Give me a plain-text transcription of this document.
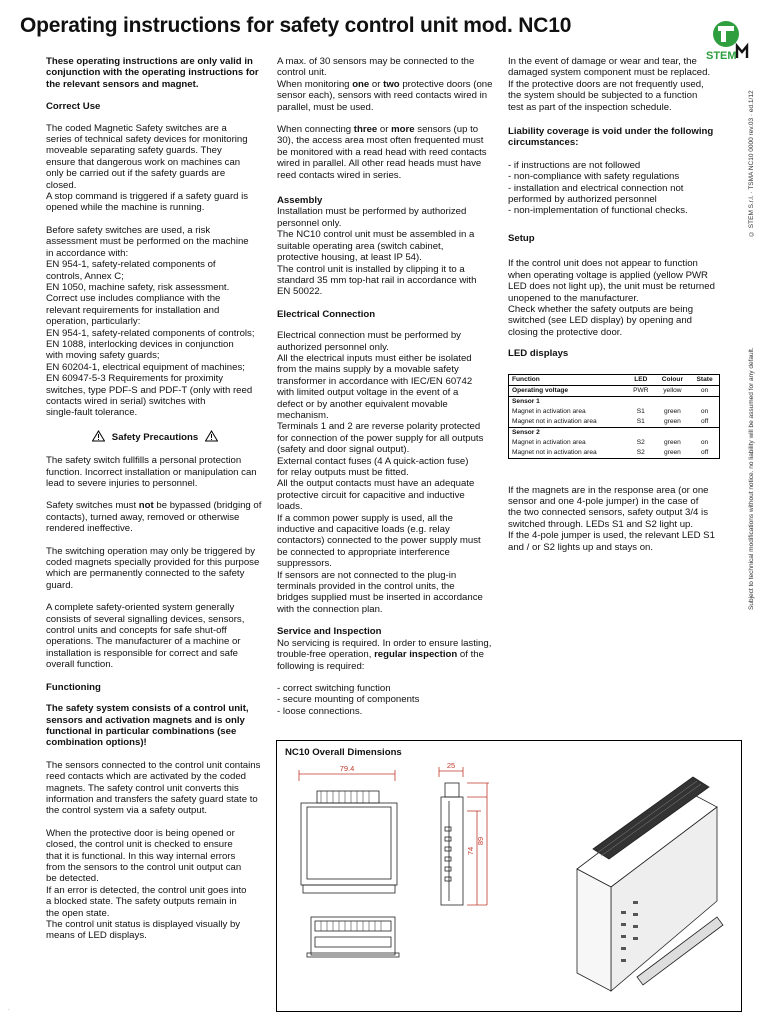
Operating instructions for safety control unit mod. NC10
STEM
Subject to technical modifications without notice. no liability will be assumed for any default.
© STEM S.r.l. · TSMA NC10 0000 rev.03 · ed.1/12

These operating instructions are only valid in conjunction with the operating instructions for the relevant sensors and magnet.

Correct Use

The coded Magnetic Safety switches are a
series of technical safety devices for monitoring
moveable separating safety guards. They
ensure that dangerous work on machines can
only be carried out if the safety guards are
closed.
A stop command is triggered if a safety guard is
opened while the machine is running.

Before safety switches are used, a risk
assessment must be performed on the machine
in accordance with:
EN 954-1, safety-related components of
controls, Annex C;
EN 1050, machine safety, risk assessment.
Correct use includes compliance with the
relevant requirements for installation and
operation, particularly:
EN 954-1, safety-related components of controls;
EN 1088, interlocking devices in conjunction
with moving safety guards;
EN 60204-1, electrical equipment of machines;
EN 60947-5-3 Requirements for proximity
switches, type PDF-S and PDF-T (only with reed
contacts wired in serial) switches with
single-fault tolerance.

Safety Precautions

The safety switch fullfills a personal protection function. Incorrect installation or manipulation can lead to severe injuries to personnel.

Safety switches must not be bypassed (bridging of contacts), turned away, removed or otherwise rendered ineffective.

The switching operation may only be triggered by coded magnets specially provided for this purpose which are permanently connected to the safety guard.

A complete safety-oriented system generally consists of several signalling devices, sensors, control units and concepts for safe shut-off operations. The manufacturer of a machine or installation is responsible for correct and safe overall function.

Functioning

The safety system consists of a control unit, sensors and activation magnets and is only functional in particular combinations (see combination options)!

The sensors connected to the control unit contains reed contacts which are activated by the coded magnets. The safety control unit converts this information and transfers the safety guard state to the control system via a safety output.

When the protective door is being opened or
closed, the control unit is checked to ensure
that it is functional. In this way internal errors
from the sensors to the control unit output can
be detected.
If an error is detected, the control unit goes into
a blocked state. The safety outputs remain in
the open state.
The control unit status is displayed visually by
means of LED displays.

A max. of 30 sensors may be connected to the control unit.
When monitoring one or two protective doors (one sensor each), sensors with reed contacts wired in parallel, must be used.

When connecting three or more sensors (up to 30), the access area most often frequented must be monitored with a read head with reed contacts wired in parallel. All other read heads must have reed contacts wired in series.

Assembly

Installation must be performed by authorized
personnel only.
The NC10 control unit must be assembled in a
suitable operating area (switch cabinet,
protective housing, at least IP 54).
The control unit is installed by clipping it to a
standard 35 mm top-hat rail in accordance with
EN 50022.

Electrical Connection

Electrical connection must be performed by
authorized personnel only.
All the electrical inputs must either be isolated
from the mains supply by a movable safety
transformer in accordance with IEC/EN 60742
with limited output voltage in the event of a
defect or by another equivalent movable
mechanism.
Terminals 1 and 2 are reverse polarity protected
for connection of the power supply for all outputs
(safety and door signal output).
External contact fuses (4 A quick-action fuse)
for relay outputs must be fitted.
All the output contacts must have an adequate
protective circuit for capacitive and inductive
loads.
If a common power supply is used, all the
inductive and capacitive loads (e.g. relay
contactors) connected to the power supply must
be connected to appropriate interference
suppressors.
If sensors are not connected to the plug-in
terminals provided in the control units, the
bridges supplied must be inserted in accordance
with the connection plan.

Service and Inspection

No servicing is required. In order to ensure lasting, trouble-free operation, regular inspection of the following is required:

- correct switching function
- secure mounting of components
- loose connections.

In the event of damage or wear and tear, the
damaged system component must be replaced.
If the protective doors are not frequently used,
the system should be subjected to a function
test as part of the inspection schedule.

Liability coverage is void under the following circumstances:

- if instructions are not followed
- non-compliance with safety regulations
- installation and electrical connection not
performed by authorized personnel
- non-implementation of functional checks.

Setup

If the control unit does not appear to function
when operating voltage is applied (yellow PWR
LED does not light up), the unit must be returned
unopened to the manufacturer.
Check whether the safety outputs are being
switched (see LED display) by opening and
closing the protective door.

LED displays

Function	LED	Colour	State
Operating voltage	PWR	yellow	on
Sensor 1			
Magnet in activation area	S1	green	on
Magnet not in activation area	S1	green	off
Sensor 2			
Magnet in activation area	S2	green	on
Magnet not in activation area	S2	green	off

If the magnets are in the response area (or one
sensor and one 4-pole jumper) in the case of
the two connected sensors, safety output 3/4 is
switched through. LEDs S1 and S2 light up.
If the 4-pole jumper is used, the relevant LED S1
and / or S2 lights up and stays on.

NC10 Overall Dimensions
79.4	25
74
89
.
